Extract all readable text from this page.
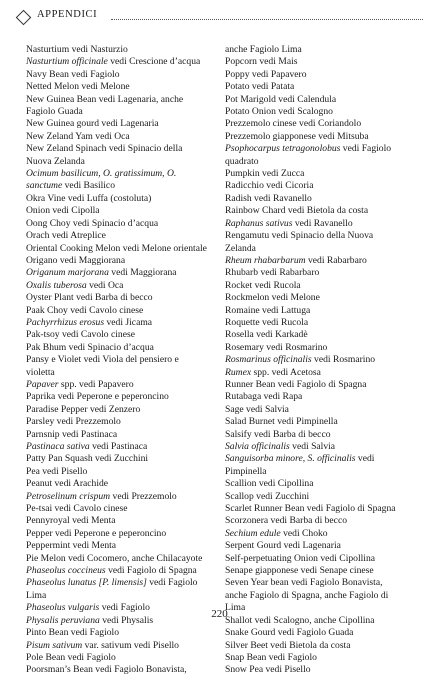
APPENDICI
Nasturtium vedi Nasturzio
Nasturtium officinale vedi Crescione d’acqua
Navy Bean vedi Fagiolo
Netted Melon vedi Melone
New Guinea Bean vedi Lagenaria, anche
Fagiolo Guada
New Guinea gourd vedi Lagenaria
New Zeland Yam vedi Oca
New Zeland Spinach vedi Spinacio della
Nuova Zelanda
Ocimum basilicum, O. gratissimum, O.
sanctume vedi Basilico
Okra Vine vedi Luffa (costoluta)
Onion vedi Cipolla
Oong Choy vedi Spinacio d’acqua
Orach vedi Atreplice
Oriental Cooking Melon vedi Melone orientale
Origano vedi Maggiorana
Origanum marjorana vedi Maggiorana
Oxalis tuberosa vedi Oca
Oyster Plant vedi Barba di becco
Paak Choy vedi Cavolo cinese
Pachyrrhizus erosus vedi Jicama
Pak-tsoy vedi Cavolo cinese
Pak Bhum vedi Spinacio d’acqua
Pansy e Violet vedi Viola del pensiero e
violetta
Papaver spp. vedi Papavero
Paprika vedi Peperone e peperoncino
Paradise Pepper vedi Zenzero
Parsley vedi Prezzemolo
Parnsnip vedi Pastinaca
Pastinaca sativa vedi Pastinaca
Patty Pan Squash vedi Zucchini
Pea vedi Pisello
Peanut vedi Arachide
Petroselinum crispum vedi Prezzemolo
Pe-tsai vedi Cavolo cinese
Pennyroyal vedi Menta
Pepper vedi Peperone e peperoncino
Peppermint vedi Menta
Pie Melon vedi Cocomero, anche Chilacayote
Phaseolus coccineus vedi Fagiolo di Spagna
Phaseolus lunatus [P. limensis] vedi Fagiolo
Lima
Phaseolus vulgaris vedi Fagiolo
Physalis peruviana vedi Physalis
Pinto Bean vedi Fagiolo
Pisum sativum var. sativum vedi Pisello
Pole Bean vedi Fagiolo
Poorsman’s Bean vedi Fagiolo Bonavista,
anche Fagiolo Lima
Popcorn vedi Mais
Poppy vedi Papavero
Potato vedi Patata
Pot Marigold vedi Calendula
Potato Onion vedi Scalogno
Prezzemolo cinese vedi Coriandolo
Prezzemolo giapponese vedi Mitsuba
Psophocarpus tetragonolobus vedi Fagiolo
quadrato
Pumpkin vedi Zucca
Radicchio vedi Cicoria
Radish vedi Ravanello
Rainbow Chard vedi Bietola da costa
Raphanus sativus vedi Ravanello
Rengamutu vedi Spinacio della Nuova
Zelanda
Rheum rhabarbarum vedi Rabarbaro
Rhubarb vedi Rabarbaro
Rocket vedi Rucola
Rockmelon vedi Melone
Romaine vedi Lattuga
Roquette vedi Rucola
Rosella vedi Karkadè
Rosemary vedi Rosmarino
Rosmarinus officinalis vedi Rosmarino
Rumex spp. vedi Acetosa
Runner Bean vedi Fagiolo di Spagna
Rutabaga vedi Rapa
Sage vedi Salvia
Salad Burnet vedi Pimpinella
Salsify vedi Barba di becco
Salvia officinalis vedi Salvia
Sanguisorba minore, S. officinalis vedi
Pimpinella
Scallion vedi Cipollina
Scallop vedi Zucchini
Scarlet Runner Bean vedi Fagiolo di Spagna
Scorzonera vedi Barba di becco
Sechium edule vedi Choko
Serpent Gourd vedi Lagenaria
Self-perpetuating Onion vedi Cipollina
Senape giapponese vedi Senape cinese
Seven Year bean vedi Fagiolo Bonavista,
anche Fagiolo di Spagna, anche Fagiolo di
Lima
Shallot vedi Scalogno, anche Cipollina
Snake Gourd vedi Fagiolo Guada
Silver Beet vedi Bietola da costa
Snap Bean vedi Fagiolo
Snow Pea vedi Pisello
220
